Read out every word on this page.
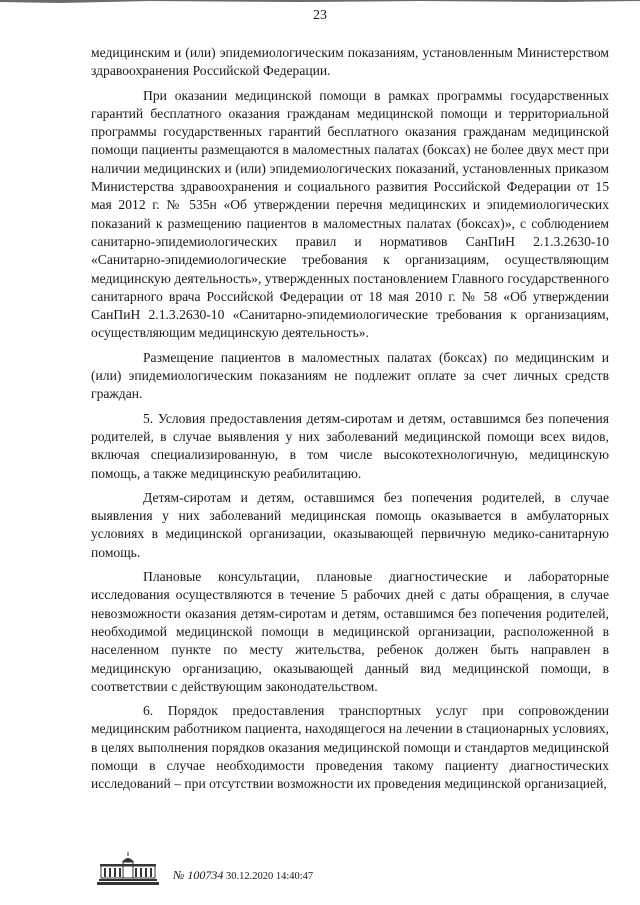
23

медицинским и (или) эпидемиологическим показаниям, установленным Министерством здравоохранения Российской Федерации.

При оказании медицинской помощи в рамках программы государственных гарантий бесплатного оказания гражданам медицинской помощи и территориальной программы государственных гарантий бесплатного оказания гражданам медицинской помощи пациенты размещаются в маломестных палатах (боксах) не более двух мест при наличии медицинских и (или) эпидемиологических показаний, установленных приказом Министерства здравоохранения и социального развития Российской Федерации от 15 мая 2012 г. № 535н «Об утверждении перечня медицинских и эпидемиологических показаний к размещению пациентов в маломестных палатах (боксах)», с соблюдением санитарно-эпидемиологических правил и нормативов СанПиН 2.1.3.2630-10 «Санитарно-эпидемиологические требования к организациям, осуществляющим медицинскую деятельность», утвержденных постановлением Главного государственного санитарного врача Российской Федерации от 18 мая 2010 г. № 58 «Об утверждении СанПиН 2.1.3.2630-10 «Санитарно-эпидемиологические требования к организациям, осуществляющим медицинскую деятельность».

Размещение пациентов в маломестных палатах (боксах) по медицинским и (или) эпидемиологическим показаниям не подлежит оплате за счет личных средств граждан.

5. Условия предоставления детям-сиротам и детям, оставшимся без попечения родителей, в случае выявления у них заболеваний медицинской помощи всех видов, включая специализированную, в том числе высокотехнологичную, медицинскую помощь, а также медицинскую реабилитацию.

Детям-сиротам и детям, оставшимся без попечения родителей, в случае выявления у них заболеваний медицинская помощь оказывается в амбулаторных условиях в медицинской организации, оказывающей первичную медико-санитарную помощь.

Плановые консультации, плановые диагностические и лабораторные исследования осуществляются в течение 5 рабочих дней с даты обращения, в случае невозможности оказания детям-сиротам и детям, оставшимся без попечения родителей, необходимой медицинской помощи в медицинской организации, расположенной в населенном пункте по месту жительства, ребенок должен быть направлен в медицинскую организацию, оказывающей данный вид медицинской помощи, в соответствии с действующим законодательством.

6. Порядок предоставления транспортных услуг при сопровождении медицинским работником пациента, находящегося на лечении в стационарных условиях, в целях выполнения порядков оказания медицинской помощи и стандартов медицинской помощи в случае необходимости проведения такому пациенту диагностических исследований – при отсутствии возможности их проведения медицинской организацией,

№ 100734 30.12.2020 14:40:47
